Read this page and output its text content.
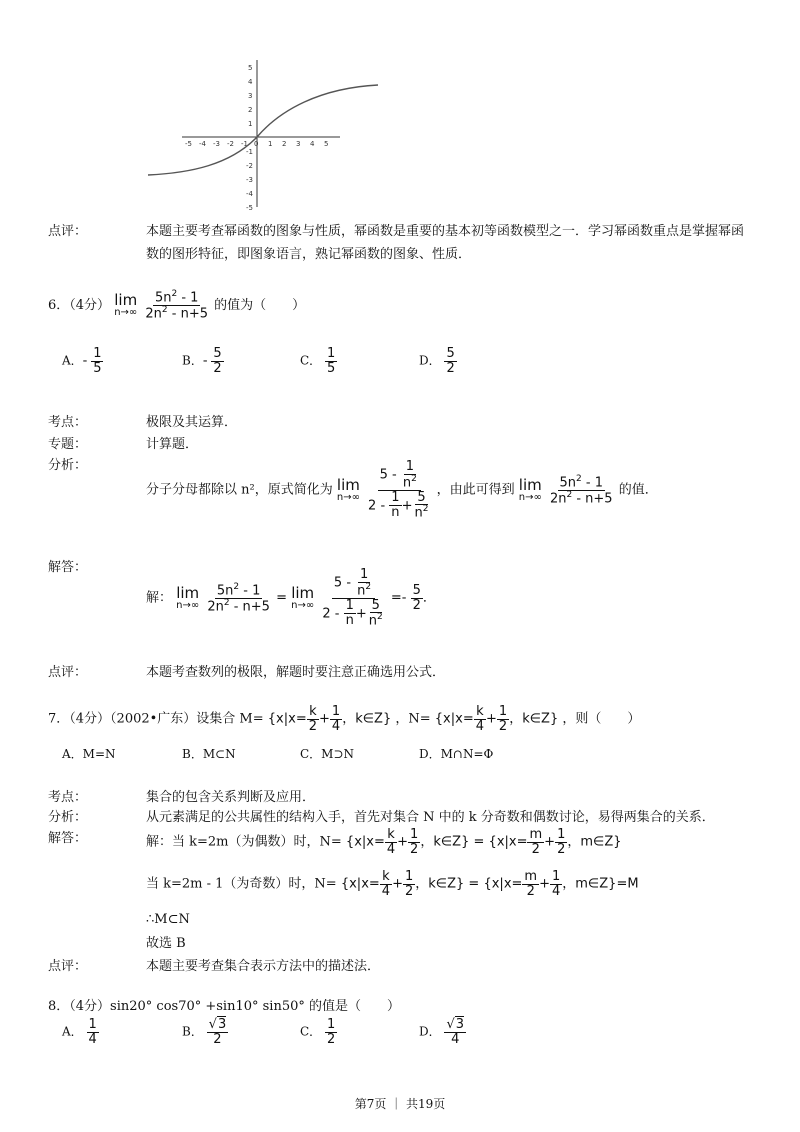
-5 -4 -3 -2 -1 0 1 2 3 4 5
5
4
3
2
1
-1
-2
-3
-4
-5
点评：	本题主要考查幂函数的图象与性质，幂函数是重要的基本初等函数模型之一．学习幂函数重点是掌握幂函
数的图形特征，即图象语言，熟记幂函数的图象、性质．
6．（4分） lim
n→∞
$\frac{5n^2 - 1}{2n^2 - n+5}$ 的值为（　　）
A．- $\frac{1}{5}$	B．- $\frac{5}{2}$	C． $\frac{1}{5}$	D． $\frac{5}{2}$
考点：	极限及其运算．
专题：	计算题．
分析：
分子分母都除以 n²，原式简化为 lim
n→∞
$\frac{5 - \frac{1}{n^2}}{2 - \frac{1}{n} + \frac{5}{n^2}}$ ，由此可得到 lim
n→∞
$\frac{5n^2 - 1}{2n^2 - n+5}$ 的值．
解答：
解： lim
n→∞
$\frac{5n^2 - 1}{2n^2 - n+5} = \lim$
n→∞
$\frac{5 - \frac{1}{n^2}}{2 - \frac{1}{n} + \frac{5}{n^2}} =- \frac{5}{2}$ ．
点评：	本题考查数列的极限，解题时要注意正确选用公式．
7．（4分）（2002•广东）设集合 $M= \{x|x= \frac{k}{2} + \frac{1}{4}$ ，k∈Z} ，$N= \{x|x= \frac{k}{4} + \frac{1}{2}$ ，k∈Z} ，则（　　）
A．M=N	B．M⊂N	C．M⊃N	D．M∩N=Φ
考点：	集合的包含关系判断及应用．
分析：	从元素满足的公共属性的结构入手，首先对集合 N 中的 k 分奇数和偶数讨论，易得两集合的关系．
解答：	解：当 k=2m（为偶数）时，$N= \{x|x= \frac{k}{4} + \frac{1}{2}$ ，k∈Z} = {$x|x= \frac{m}{2} + \frac{1}{2}$ ，m∈Z}
当 k=2m - 1（为奇数）时，$N= \{x|x= \frac{k}{4} + \frac{1}{2}$ ，k∈Z} = {$x|x= \frac{m}{2} + \frac{1}{4}$ ，m∈Z}=M
∴M⊂N
故选 B
点评：	本题主要考查集合表示方法中的描述法．
8．（4分）sin20° cos70° +sin10° sin50° 的值是（　　）
A． $\frac{1}{4}$	B． $\frac{√3}{2}$	C． $\frac{1}{2}$	D． $\frac{√3}{4}$
第7页 ｜ 共19页
